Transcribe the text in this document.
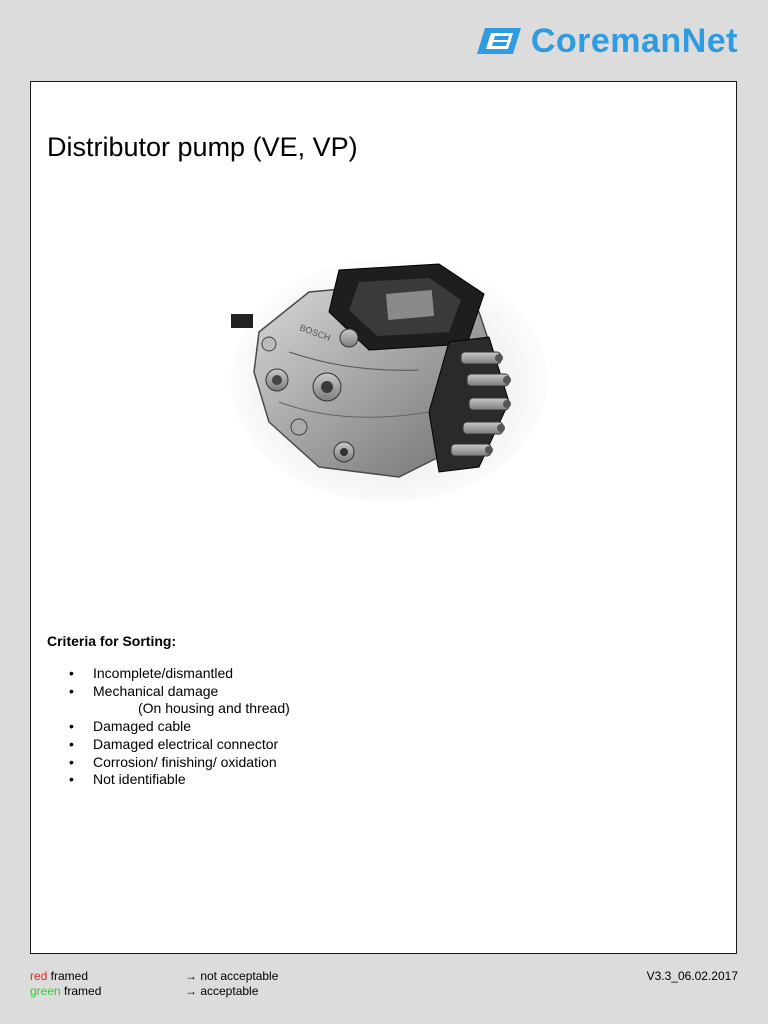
CoremanNet
Distributor pump (VE, VP)
BOSCH
Criteria for Sorting:
• Incomplete/dismantled
• Mechanical damage
(On housing and thread)
• Damaged cable
• Damaged electrical connector
• Corrosion/ finishing/ oxidation
• Not identifiable
red framed
green framed
→ not acceptable
→ acceptable
V3.3_06.02.2017
